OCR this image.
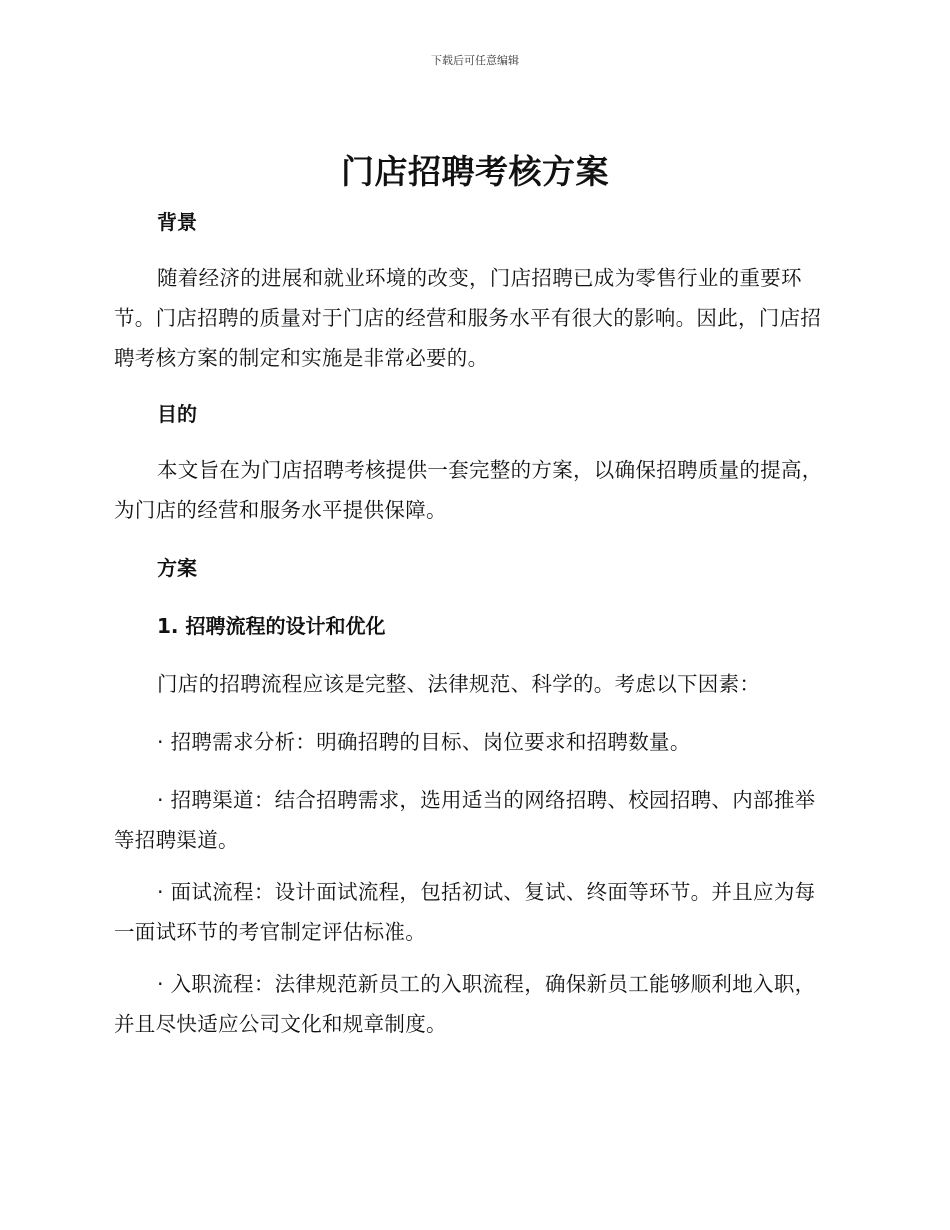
下载后可任意编辑
门店招聘考核方案
背景

随着经济的进展和就业环境的改变，门店招聘已成为零售行业的重要环节。门店招聘的质量对于门店的经营和服务水平有很大的影响。因此，门店招聘考核方案的制定和实施是非常必要的。

目的

本文旨在为门店招聘考核提供一套完整的方案，以确保招聘质量的提高，为门店的经营和服务水平提供保障。

方案
1. 招聘流程的设计和优化

门店的招聘流程应该是完整、法律规范、科学的。考虑以下因素：

· 招聘需求分析：明确招聘的目标、岗位要求和招聘数量。

· 招聘渠道：结合招聘需求，选用适当的网络招聘、校园招聘、内部推举等招聘渠道。

· 面试流程：设计面试流程，包括初试、复试、终面等环节。并且应为每一面试环节的考官制定评估标准。

· 入职流程：法律规范新员工的入职流程，确保新员工能够顺利地入职，并且尽快适应公司文化和规章制度。
